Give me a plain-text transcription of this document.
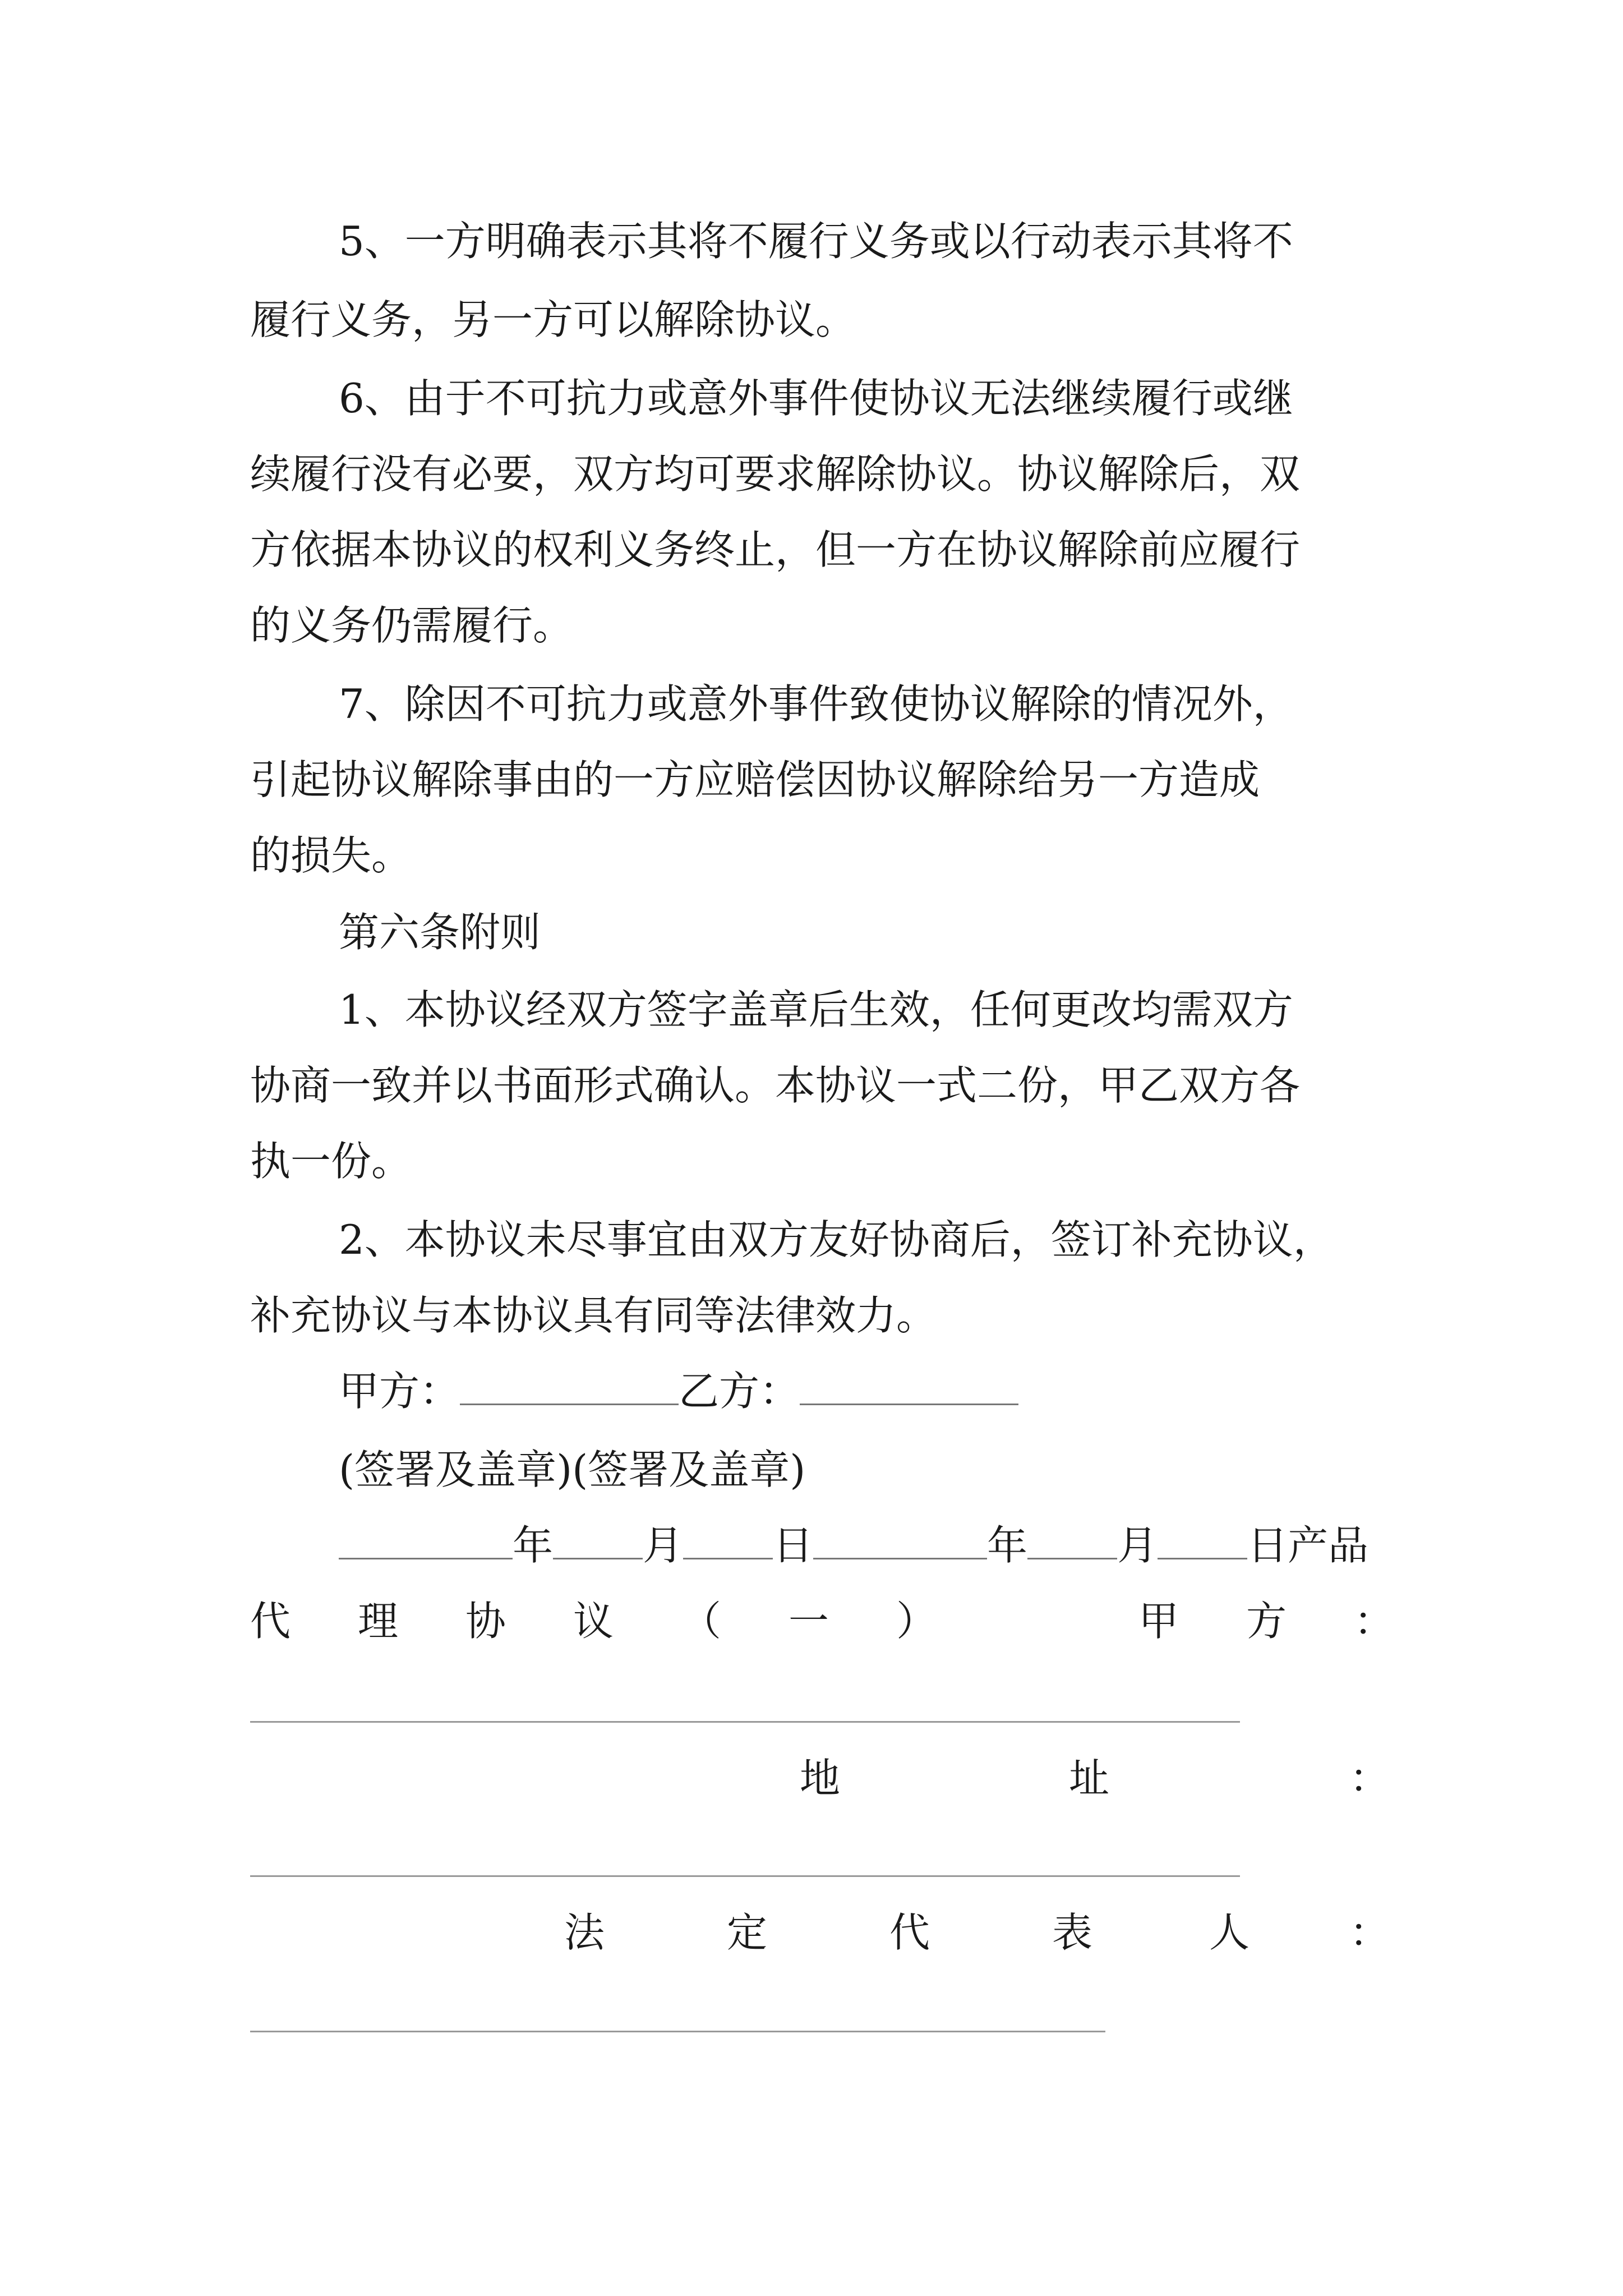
5、一方明确表示其将不履行义务或以行动表示其将不
履行义务，另一方可以解除协议。
6、由于不可抗力或意外事件使协议无法继续履行或继
续履行没有必要，双方均可要求解除协议。协议解除后，双
方依据本协议的权利义务终止，但一方在协议解除前应履行
的义务仍需履行。
7、除因不可抗力或意外事件致使协议解除的情况外，
引起协议解除事由的一方应赔偿因协议解除给另一方造成
的损失。
第六条附则
1、本协议经双方签字盖章后生效，任何更改均需双方
协商一致并以书面形式确认。本协议一式二份，甲乙双方各
执一份。
2、本协议未尽事宜由双方友好协商后，签订补充协议，
补充协议与本协议具有同等法律效力。
甲方：	乙方：
(签署及盖章)(签署及盖章)
年 月 日	年 月 日产品
代 理 协 议 （ 一 ）	甲 方 ：
地	址	：
法	定	代	表	人 ：
